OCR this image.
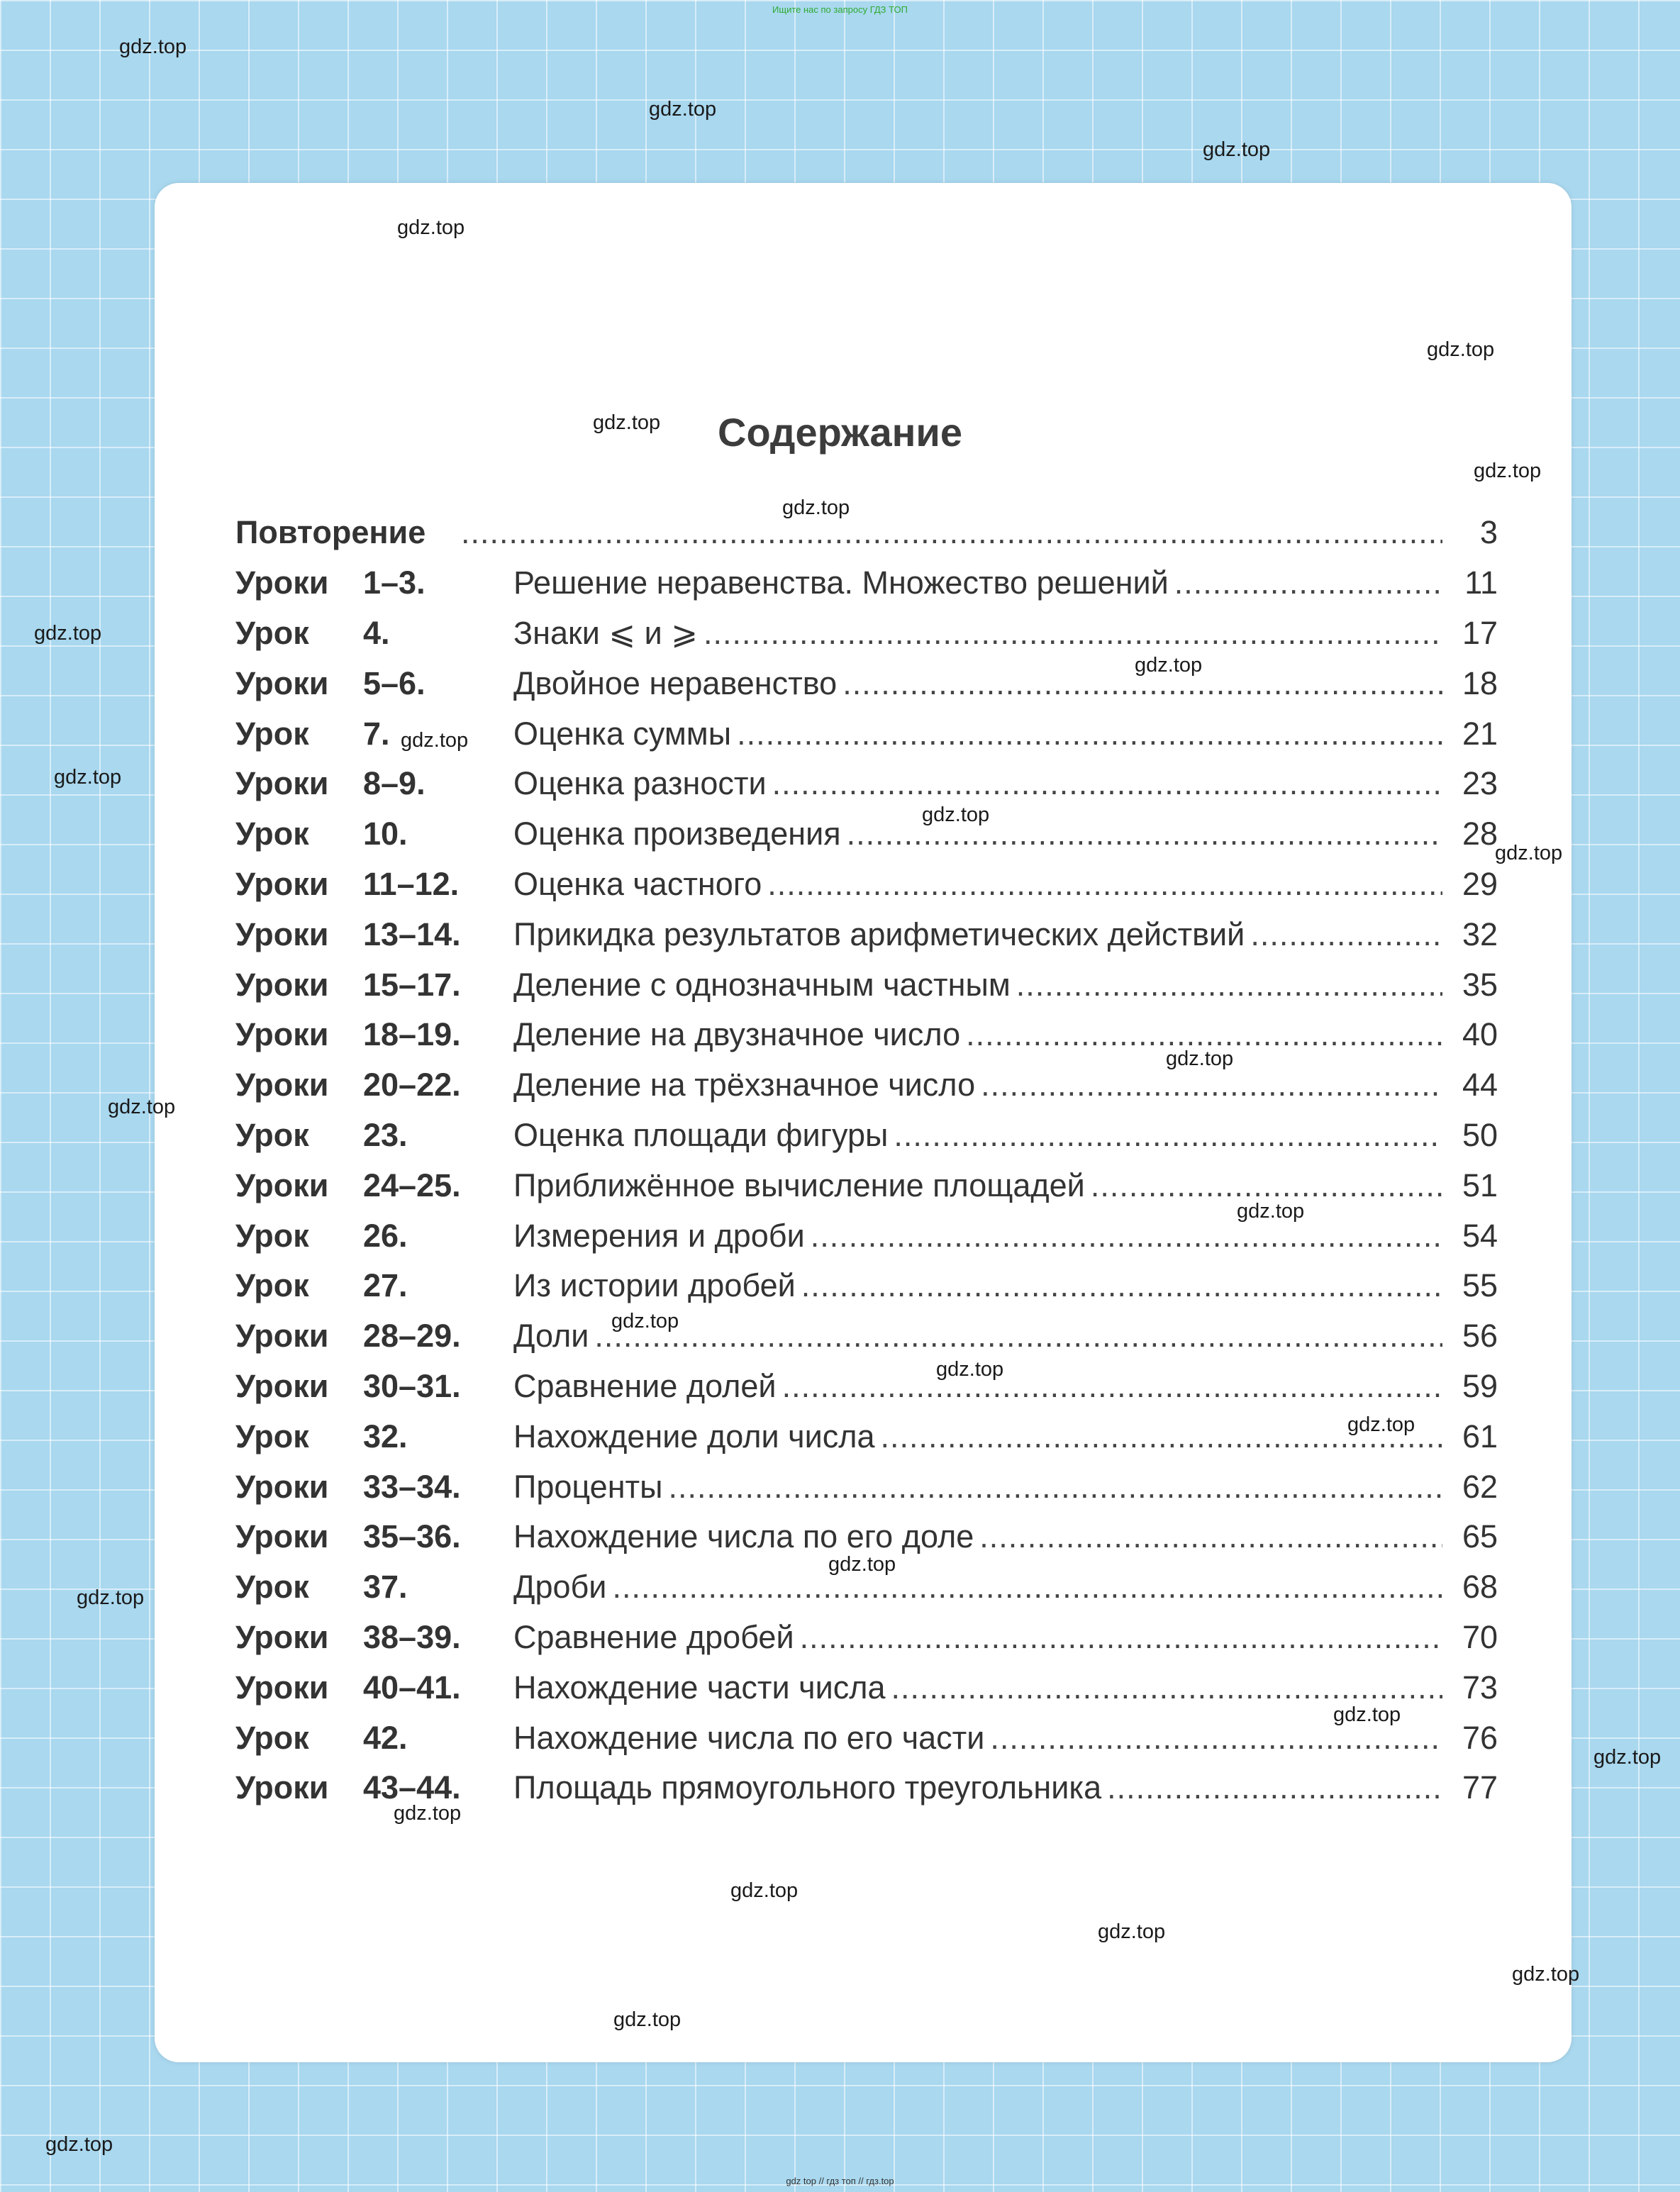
Ищите нас по запросу ГДЗ ТОП
Содержание
Повторение .....	3
Уроки 1–3.	Решение неравенства. Множество решений .....	11
Урок 4.	Знаки ⩽ и ⩾ .....	17
Уроки 5–6.	Двойное неравенство .....	18
Урок 7.	Оценка суммы .....	21
Уроки 8–9.	Оценка разности .....	23
Урок 10.	Оценка произведения .....	28
Уроки 11–12. Оценка частного .....	29
Уроки 13–14. Прикидка результатов арифметических действий .....	32
Уроки 15–17. Деление с однозначным частным .....	35
Уроки 18–19. Деление на двузначное число .....	40
Уроки 20–22. Деление на трёхзначное число .....	44
Урок 23.	Оценка площади фигуры .....	50
Уроки 24–25. Приближённое вычисление площадей .....	51
Урок 26.	Измерения и дроби .....	54
Урок 27.	Из истории дробей .....	55
Уроки 28–29. Доли .....	56
Уроки 30–31. Сравнение долей .....	59
Урок 32.	Нахождение доли числа .....	61
Уроки 33–34. Проценты .....	62
Уроки 35–36. Нахождение числа по его доле .....	65
Урок 37.	Дроби .....	68
Уроки 38–39. Сравнение дробей .....	70
Уроки 40–41. Нахождение части числа .....	73
Урок 42.	Нахождение числа по его части .....	76
Уроки 43–44. Площадь прямоугольного треугольника .....	77
gdz.top
gdz.top
gdz.top
gdz.top
gdz.top
gdz.top
gdz.top
gdz.top
gdz.top
gdz.top
gdz.top
gdz.top
gdz.top
gdz.top
gdz.top
gdz.top
gdz.top
gdz.top
gdz.top
gdz.top
gdz.top
gdz.top
gdz.top
gdz.top
gdz.top
gdz.top
gdz.top
gdz.top
gdz.top
gdz.top
gdz top // гдз топ // гдз.top
